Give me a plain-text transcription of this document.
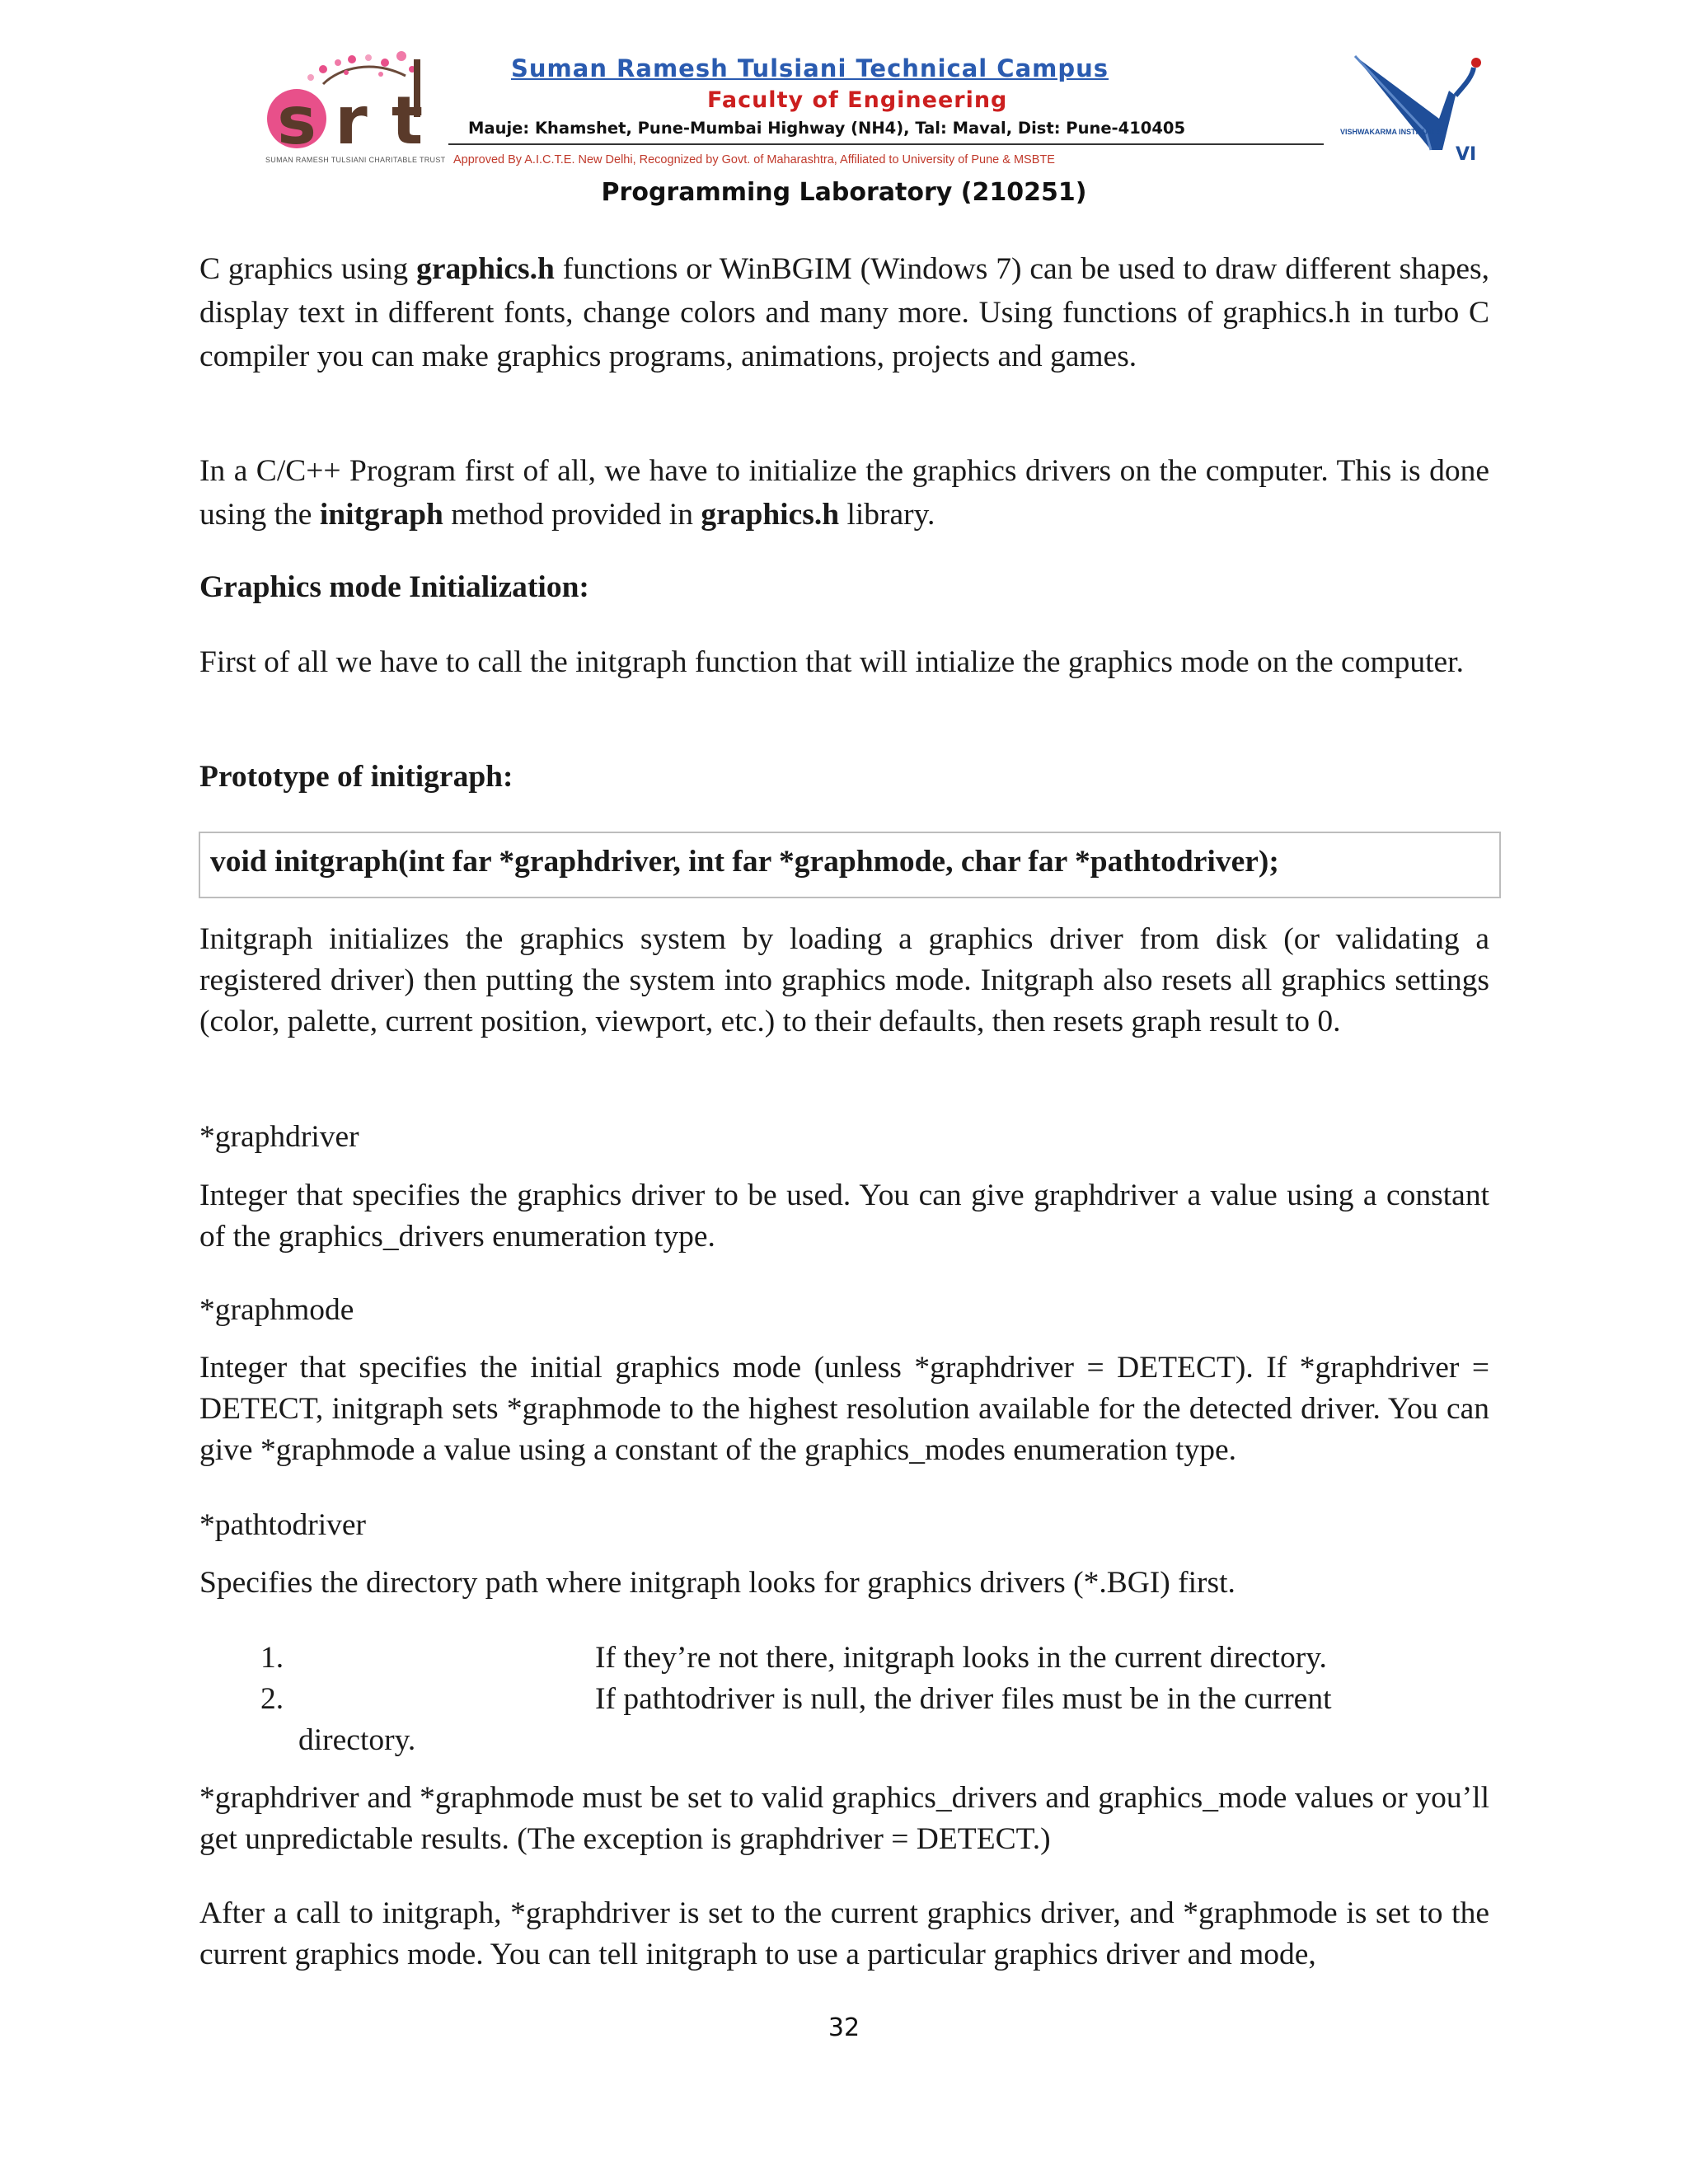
s r t
SUMAN RAMESH TULSIANI CHARITABLE TRUST
Suman Ramesh Tulsiani Technical Campus
Faculty of Engineering
Mauje: Khamshet, Pune-Mumbai Highway (NH4), Tal: Maval, Dist: Pune-410405
Approved By A.I.C.T.E. New Delhi, Recognized by Govt. of Maharashtra, Affiliated to University of Pune & MSBTE	VI
VISHWAKARMA INSTITUTES
Programming Laboratory (210251)

C graphics using graphics.h functions or WinBGIM (Windows 7) can be used to draw different shapes, display text in different fonts, change colors and many more. Using functions of graphics.h in turbo C compiler you can make graphics programs, animations, projects and games.

In a C/C++ Program first of all, we have to initialize the graphics drivers on the computer. This is done using the initgraph method provided in graphics.h library.

Graphics mode Initialization:

First of all we have to call the initgraph function that will intialize the graphics mode on the computer.

Prototype of initigraph:

void initgraph(int far *graphdriver, int far *graphmode, char far *pathtodriver);

Initgraph initializes the graphics system by loading a graphics driver from disk (or validating a registered driver) then putting the system into graphics mode. Initgraph also resets all graphics settings (color, palette, current position, viewport, etc.) to their defaults, then resets graph result to 0.

*graphdriver

Integer that specifies the graphics driver to be used. You can give graphdriver a value using a constant of the graphics_drivers enumeration type.

*graphmode

Integer that specifies the initial graphics mode (unless *graphdriver = DETECT). If *graphdriver = DETECT, initgraph sets *graphmode to the highest resolution available for the detected driver. You can give *graphmode a value using a constant of the graphics_modes enumeration type.

*pathtodriver

Specifies the directory path where initgraph looks for graphics drivers (*.BGI) first.

1.	If they’re not there, initgraph looks in the current directory.
2.	If pathtodriver is null, the driver files must be in the current
directory.

*graphdriver and *graphmode must be set to valid graphics_drivers and graphics_mode values or you’ll get unpredictable results. (The exception is graphdriver = DETECT.)

After a call to initgraph, *graphdriver is set to the current graphics driver, and *graphmode is set to the current graphics mode. You can tell initgraph to use a particular graphics driver and mode,

32
